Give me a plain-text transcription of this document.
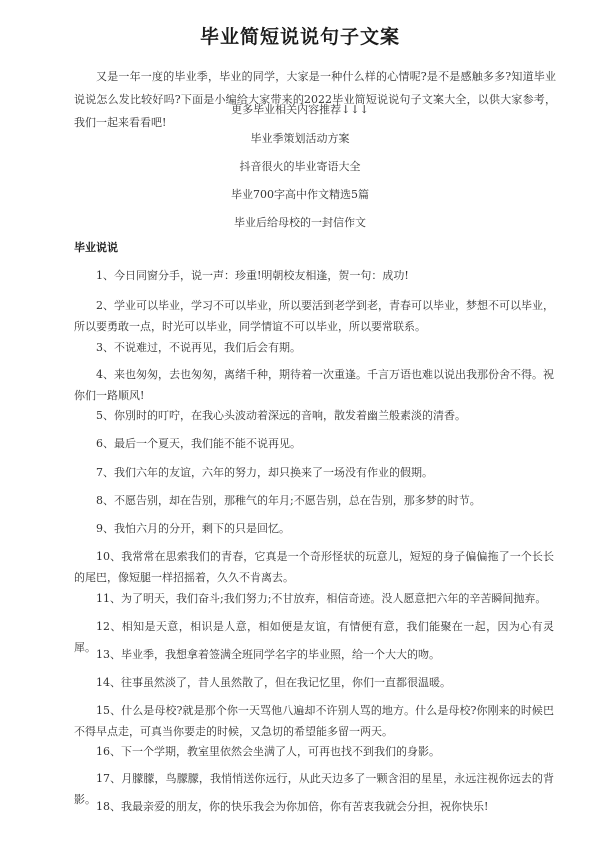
毕业简短说说句子文案
又是一年一度的毕业季，毕业的同学，大家是一种什么样的心情呢?是不是感触多多?知道毕业说说怎么发比较好吗?下面是小编给大家带来的2022毕业简短说说句子文案大全，以供大家参考，我们一起来看看吧!
更多毕业相关内容推荐↓↓↓
毕业季策划活动方案
抖音很火的毕业寄语大全
毕业700字高中作文精选5篇
毕业后给母校的一封信作文
毕业说说
1、今日同窗分手，说一声：珍重!明朝校友相逢，贺一句：成功!
2、学业可以毕业，学习不可以毕业，所以要活到老学到老，青春可以毕业，梦想不可以毕业，所以要勇敢一点，时光可以毕业，同学情谊不可以毕业，所以要常联系。
3、不说难过，不说再见，我们后会有期。
4、来也匆匆，去也匆匆，离绪千种，期待着一次重逢。千言万语也难以说出我那份舍不得。祝你们一路顺风!
5、你別时的叮咛，在我心头波动着深远的音响，散发着幽兰般素淡的清香。
6、最后一个夏天，我们能不能不说再见。
7、我们六年的友谊，六年的努力，却只换来了一场没有作业的假期。
8、不愿告别，却在告别，那稚气的年月;不愿告别，总在告别，那多梦的时节。
9、我怕六月的分开，剩下的只是回忆。
10、我常常在思索我们的青春，它真是一个奇形怪状的玩意儿，短短的身子偏偏拖了一个长长的尾巴，像短腿一样招摇着，久久不肯离去。
11、为了明天，我们奋斗;我们努力;不甘放弃，相信奇迹。没人愿意把六年的辛苦瞬间抛弃。
12、相知是天意，相识是人意，相如便是友谊，有情便有意，我们能聚在一起，因为心有灵犀。
13、毕业季，我想拿着签满全班同学名字的毕业照，给一个大大的吻。
14、往事虽然淡了，昔人虽然散了，但在我记忆里，你们一直都很温暖。
15、什么是母校?就是那个你一天骂他八遍却不许别人骂的地方。什么是母校?你刚来的时候巴不得早点走，可真当你要走的时候，又急切的希望能多留一两天。
16、下一个学期，教室里依然会坐满了人，可再也找不到我们的身影。
17、月朦朦，鸟朦朦，我悄悄送你远行，从此天边多了一颗含泪的星星，永远注视你远去的背影。
18、我最亲爱的朋友，你的快乐我会为你加倍，你有苦衷我就会分担，祝你快乐!
